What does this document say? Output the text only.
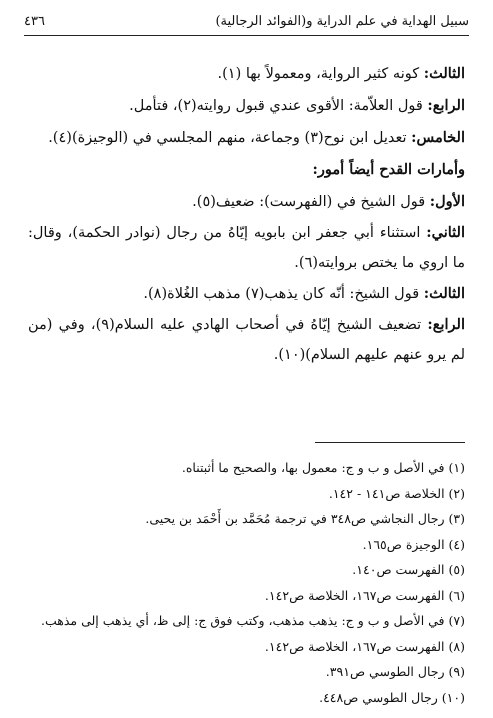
سبيل الهداية في علم الدراية و(الفوائد الرجالية)
٤٣٦

الثالث: كونه كثير الرواية، ومعمولاً بها (١).

الرابع: قول العلاّمة: الأقوى عندي قبول روايته(٢)، فتأمل.

الخامس: تعديل ابن نوح(٣) وجماعة، منهم المجلسي في (الوجيزة)(٤).

وأمارات القدح أيضاً أمور:

الأول: قول الشيخ في (الفهرست): ضعيف(٥).

الثاني: استثناء أبي جعفر ابن بابويه إيّاهُ من رجال (نوادر الحكمة)، وقال: ما اروي ما يختص بروايته(٦).

الثالث: قول الشيخ: أنّه كان يذهب(٧) مذهب الغُلاة(٨).

الرابع: تضعيف الشيخ إيّاهُ في أصحاب الهادي عليه السلام(٩)، وفي (من لم يرو عنهم عليهم السلام)(١٠).

(١) في الأصل و ب و ج: معمول بها، والصحيح ما أثبتناه.
(٢) الخلاصة ص١٤١ - ١٤٢.
(٣) رجال النجاشي ص٣٤٨ في ترجمة مُحَمَّد بن أَحْمَد بن يحيى.
(٤) الوجيزة ص١٦٥.
(٥) الفهرست ص١٤٠.
(٦) الفهرست ص١٦٧، الخلاصة ص١٤٢.
(٧) في الأصل و ب و ج: يذهب مذهب، وكتب فوق ج: إلى ظ، أي يذهب إلى مذهب.
(٨) الفهرست ص١٦٧، الخلاصة ص١٤٢.
(٩) رجال الطوسي ص٣٩١.
(١٠) رجال الطوسي ص٤٤٨.
